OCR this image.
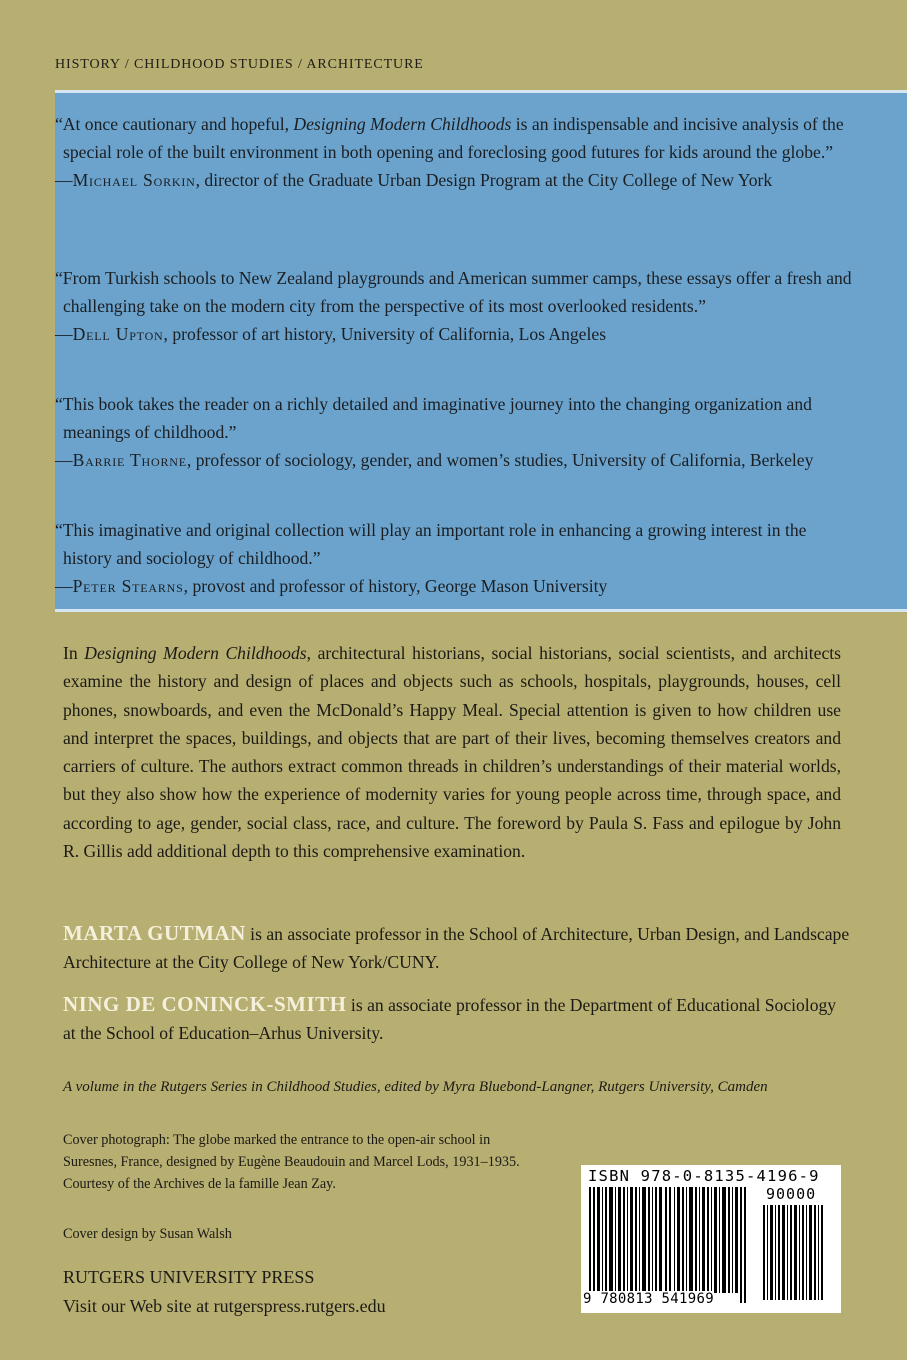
HISTORY / CHILDHOOD STUDIES / ARCHITECTURE

“At once cautionary and hopeful, Designing Modern Childhoods is an indispensable and incisive analysis of the special role of the built environment in both opening and foreclosing good futures for kids around the globe.”

—Michael Sorkin, director of the Graduate Urban Design Program at the City College of New York

“From Turkish schools to New Zealand playgrounds and American summer camps, these essays offer a fresh and challenging take on the modern city from the perspective of its most overlooked residents.”

—Dell Upton, professor of art history, University of California, Los Angeles

“This book takes the reader on a richly detailed and imaginative journey into the changing organization and meanings of childhood.”

—Barrie Thorne, professor of sociology, gender, and women’s studies, University of California, Berkeley

“This imaginative and original collection will play an important role in enhancing a growing interest in the history and sociology of childhood.”

—Peter Stearns, provost and professor of history, George Mason University

In Designing Modern Childhoods, architectural historians, social historians, social scientists, and architects examine the history and design of places and objects such as schools, hospitals, playgrounds, houses, cell phones, snowboards, and even the McDonald’s Happy Meal. Special attention is given to how children use and interpret the spaces, buildings, and objects that are part of their lives, becoming themselves creators and carriers of culture. The authors extract common threads in children’s understandings of their material worlds, but they also show how the experience of modernity varies for young people across time, through space, and according to age, gender, social class, race, and culture. The foreword by Paula S. Fass and epilogue by John R. Gillis add additional depth to this comprehensive examination.
MARTA GUTMAN is an associate professor in the School of Architecture, Urban Design, and Landscape Architecture at the City College of New York/CUNY.
NING DE CONINCK-SMITH is an associate professor in the Department of Educational Sociology at the School of Education–Arhus University.
A volume in the Rutgers Series in Childhood Studies, edited by Myra Bluebond-Langner, Rutgers University, Camden
Cover photograph: The globe marked the entrance to the open-air school in Suresnes, France, designed by Eugène Beaudouin and Marcel Lods, 1931–1935. Courtesy of the Archives de la famille Jean Zay.
Cover design by Susan Walsh
RUTGERS UNIVERSITY PRESS
Visit our Web site at rutgerspress.rutgers.edu
ISBN 978-0-8135-4196-9
90000
9 780813 541969
